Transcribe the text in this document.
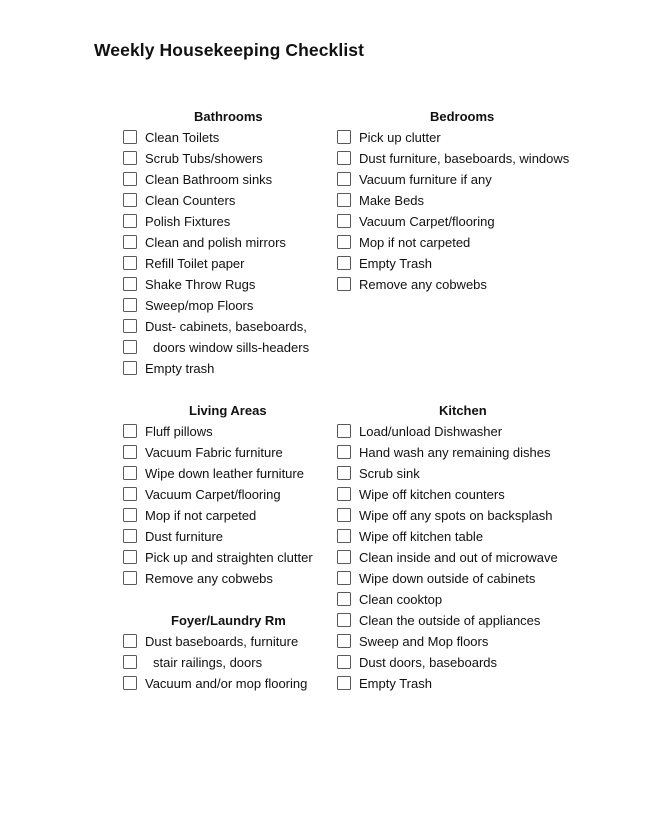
Weekly Housekeeping Checklist
Bathrooms
Clean Toilets
Scrub Tubs/showers
Clean Bathroom sinks
Clean Counters
Polish Fixtures
Clean and polish mirrors
Refill Toilet paper
Shake Throw Rugs
Sweep/mop Floors
Dust- cabinets, baseboards,
doors window sills-headers
Empty trash
Bedrooms
Pick up clutter
Dust furniture, baseboards, windows
Vacuum furniture if any
Make Beds
Vacuum Carpet/flooring
Mop if not carpeted
Empty Trash
Remove any cobwebs
Living Areas
Fluff pillows
Vacuum Fabric furniture
Wipe down leather furniture
Vacuum Carpet/flooring
Mop if not carpeted
Dust furniture
Pick up and straighten clutter
Remove any cobwebs
Kitchen
Load/unload Dishwasher
Hand wash any remaining dishes
Scrub sink
Wipe off kitchen counters
Wipe off any spots on backsplash
Wipe off kitchen table
Clean inside and out of microwave
Wipe down outside of cabinets
Clean cooktop
Clean the outside of appliances
Sweep and Mop floors
Dust doors, baseboards
Empty Trash
Foyer/Laundry Rm
Dust baseboards, furniture
stair railings, doors
Vacuum and/or mop flooring
